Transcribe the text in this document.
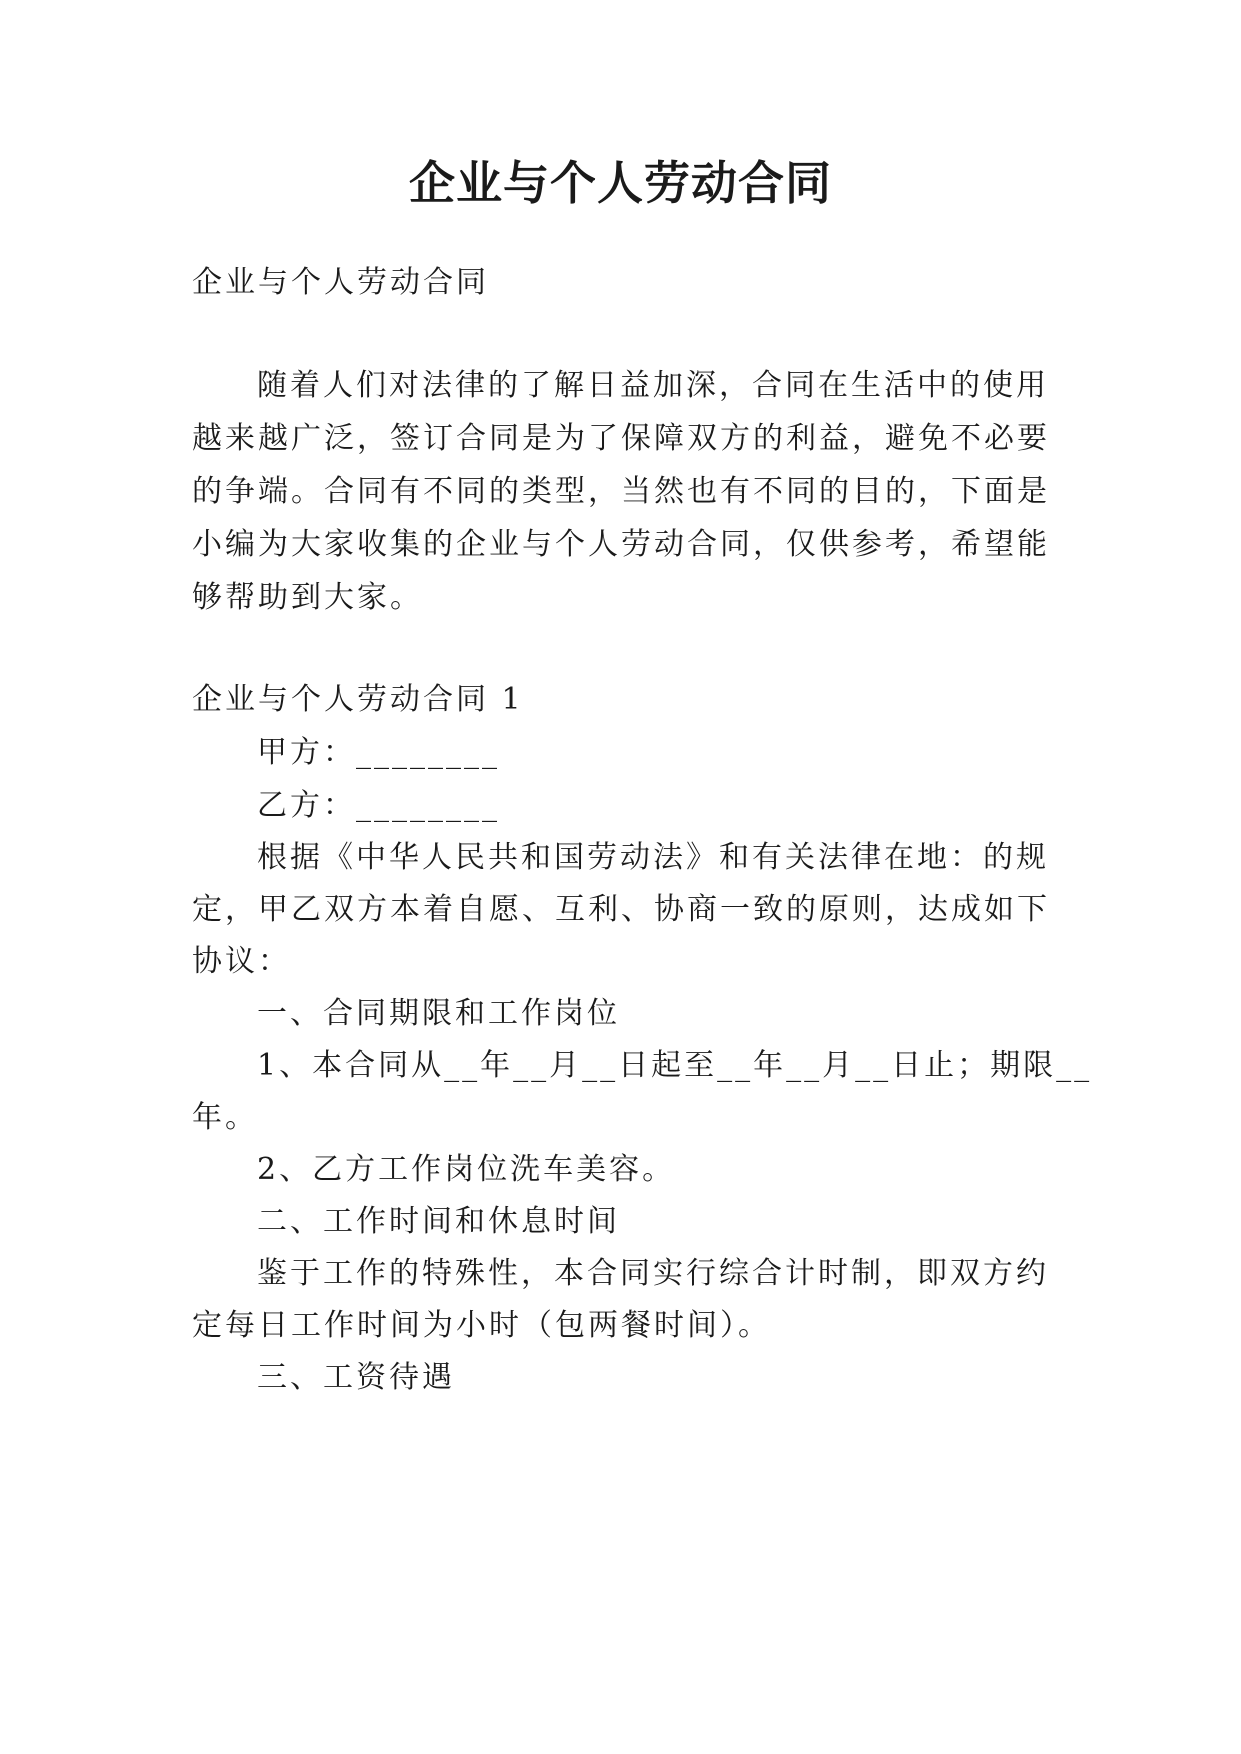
企业与个人劳动合同
企业与个人劳动合同
随着人们对法律的了解日益加深，合同在生活中的使用
越来越广泛，签订合同是为了保障双方的利益，避免不必要
的争端。合同有不同的类型，当然也有不同的目的，下面是
小编为大家收集的企业与个人劳动合同，仅供参考，希望能
够帮助到大家。
企业与个人劳动合同 1
甲方：________
乙方：________
根据《中华人民共和国劳动法》和有关法律在地：的规
定，甲乙双方本着自愿、互利、协商一致的原则，达成如下
协议：
一、合同期限和工作岗位
1、本合同从__年__月__日起至__年__月__日止；期限__
年。
2、乙方工作岗位洗车美容。
二、工作时间和休息时间
鉴于工作的特殊性，本合同实行综合计时制，即双方约
定每日工作时间为小时（包两餐时间）。
三、工资待遇
